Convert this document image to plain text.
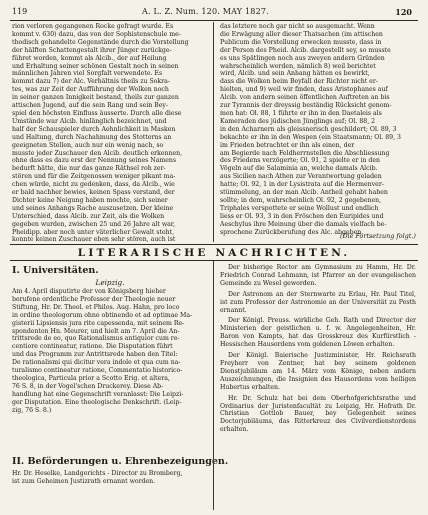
119	A. L. Z. Num. 120. MAY 1827.	120
rion verloren gegangenen Rocke gefragt wurde. Es
kommt v. 630) dazu, das von der Sophistenschule me-
thodisch gehandelte Gegenstände durch die Vorstellung
der hälften Schattengestalt ihrer Jünger zurückge-
führet worden, kommt als Alcib., der auf Heilung
und Erhaltung seiner schönen Gestalt noch in seinen
männlichen Jahren viel Sorgfalt verwendete. Es
kommt dazu 7) der Alc. Verhältnis theils zu Sokra-
tes, was zur Zeit der Aufführung der Wolken noch
in seiner ganzen Innigkeit bestand, theils zur ganzen
attischen Jugend, auf die sein Rang und sein Bey-
spiel den höchsten Einfluss äusserte. Durch alle diese
Umstände war Alcib. hinlänglich bezeichnet, und
half der Schauspieler durch Aehnlichkeit in Masken
und Haltung, durch Nachahmung des Stotterns an
geeigneten Stellen, auch nur ein wenig nach, so
musste jeder Zuschauer den Alcib. deutlich erkennen,
ohne dass es dazu erst der Nennung seines Namens
bedurft hätte, die nur das ganze Räthsel roh zer-
stören und für die Zeitgenossen weniger pikant ma-
chen würde, nicht zu gedenken, dass, da Alcib., wie
er bald nachher bewies, keinen Spass verstand, der
Dichter keine Neigung haben mochte, sich seiner
und seines Anhangs Rache auszusetzen. Der kleine
Unterschied, dass Alcib. zur Zeit, als die Wolken
gegeben wurden, zwischen 25 und 26 Jahre alt war,
Pheidipp. aber noch unter väterlicher Gewalt steht,
konnte keinen Zuschauer eben sehr stören, auch ist
das letztere noch gar nicht so ausgemacht. Wenn
die Erwägung aller dieser Thatsachen (im attischen
Publicum die Vorstellung erwecken musste, dass in
der Person des Pheid. Alcib. dargestellt sey, so musste
es uns Spätlingen noch aus zweyen andern Gründen
wahrscheinlich werden, nämlich 8) weil berichtet
wird, Alcib. und sein Anhang hätten es bewirkt,
dass die Wolken beim Beyfall der Richter nicht er-
hielten, und 9) weil wir finden, dass Aristophanes auf
Alcib. von andern seinen öffentlichen Auftreten an bis
zur Tyrannis der dreyssig beständig Rücksicht genom-
men hat: Ol. 88, 1 führte er ihn in den Daetaleis als
Kameraden des jüdischen Jünglings auf; Ol. 88, 2
in den Acharnern als gleissnerisch geschildert; Ol. 89, 3
bekachte er ihn in den Wespen (ein Staatsmann; Ol. 89, 3
im Frieden betrachtet er ihn als einen, der
am Begierde nach Feldherrnstellen die Abschliessung
des Friedens verzögerte; Ol. 91, 2 spielte er in den
Vögeln auf die Salaminia an, welche damals Alcib.
aus Sicilien nach Athen zur Verantwortung geladen
hatte; Ol. 92, 1 in der Lysistrata auf die Hermenver-
stümmelung, an der man Alcib. Antheil gehabt haben
sollte; in dem, wahrscheinlich Ol. 92, 2 gegebenen,
Triphales verspottete er seine Wollust und endlich
liess er Ol. 93, 3 in den Fröschen den Euripides und
Aeschylus ihre Meinung über die damals vielfach be-
sprochene Zurückberufung des Alc. abgeben.
(Die Fortsetzung folgt.)
LITERARISCHE NACHRICHTEN.
I. Universitäten.
Leipzig.
Am 4. April disputirte der von Königsberg hieher
berufene ordentliche Professor der Theologie neuer
Stiftung, Hr. Dr. Theol. et Philos. Aug. Hahn, pro loco
in ordine theologorum ohne obtinendo et ad optimae Ma-
gisterii Lipsiensis jura rite capessenda, mit seinem Re-
spondenten Hn. Meurer, und hielt am 7. April die An-
trittsrede de eo, quo Rationalismus antiquior cum re-
centiore contineatur, ratione. Die Disputation führt
und das Programm zur Antrittsrede haben den Titel:
De rationalismi qui dicitur vera indole et qua cum na-
turalismo contineatur ratione, Commentatio historico-
theologica, Particula prior a Scotto Erig. et altera,
76 S. 8, in der Vogel'schen Druckerey. Diese Ab-
handlung hat eine Gegenschrift veranlasst: Die Leipzi-
ger Disputation. Eine theologische Denkschrift. (Leip-
zig, 76 S. 8.)
II. Beförderungen u. Ehrenbezeigungen.
Hr. Dr. Heselke, Landgerichts - Director zu Bromberg,
ist zum Geheimen Justizrath ernannt worden.

Der bisherige Rector am Gymnasium zu Hamm, Hr. Dr. Friedrich Conrad Lehmann, ist Pfarrer an der evangelischen Gemeinde zu Wesel geworden.

Der Astronom an der Sternwarte zu Erlau, Hr. Paul Titel, ist zum Professor der Astronomie an der Universität zu Pesth ernannt.

Der Königl. Preuss. wirkliche Geh. Rath und Director der Ministerien der geistlichen u. f. w. Angelegenheiten, Hr. Baron von Kampts, hat das Grosskreuz des Kurfürstlich - Hessischen Hausordens vom goldenen Löwen erhalten.

Der Königl. Baierische Justizminister, Hr. Reichsrath Freyherr von Zentner, hat bey seinem goldenen Dienstjubiläum am 14. März vom Könige, neben andern Auszeichnungen, die Insignien des Hausordens vom heiligen Hubertus erhalten.

Hr. Dr. Schulz hat bei dem Oberhofgerichtsrathe und Ordinarius der Juristenfacultät zu Leipzig, Hr. Hofrath Dr. Christian Gottlob Bauer, bey Gelegenheit seines Doctorjubiläums, das Ritterkreuz des Civilverdienstordens erhalten.
